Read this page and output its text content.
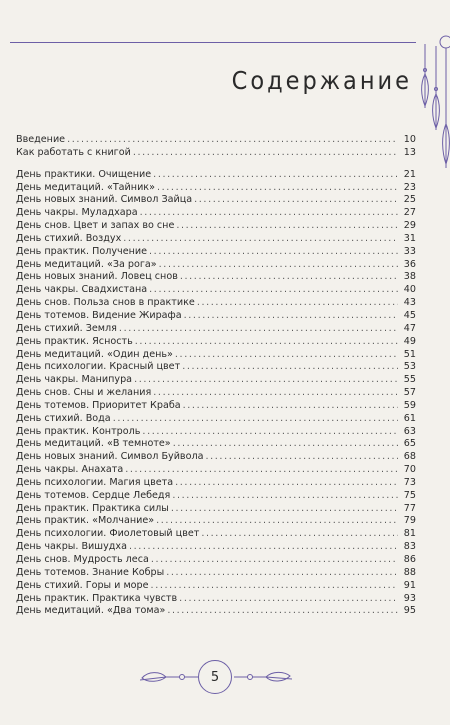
Содержание
Введение .....	10
Как работать с книгой .....	13
День практики. Очищение .....	21
День медитаций. «Тайник» .....	23
День новых знаний. Символ Зайца .....	25
День чакры. Муладхара .....	27
День снов. Цвет и запах во сне .....	29
День стихий. Воздух .....	31
День практик. Получение .....	33
День медитаций. «За рога» .....	36
День новых знаний. Ловец снов .....	38
День чакры. Свадхистана .....	40
День снов. Польза снов в практике .....	43
День тотемов. Видение Жирафа .....	45
День стихий. Земля .....	47
День практик. Ясность .....	49
День медитаций. «Один день» .....	51
День психологии. Красный цвет .....	53
День чакры. Манипура .....	55
День снов. Сны и желания .....	57
День тотемов. Приоритет Краба .....	59
День стихий. Вода .....	61
День практик. Контроль .....	63
День медитаций. «В темноте» .....	65
День новых знаний. Символ Буйвола .....	68
День чакры. Анахата .....	70
День психологии. Магия цвета .....	73
День тотемов. Сердце Лебедя .....	75
День практик. Практика силы .....	77
День практик. «Молчание» .....	79
День психологии. Фиолетовый цвет .....	81
День чакры. Вишудха .....	83
День снов. Мудрость леса .....	86
День тотемов. Знание Кобры .....	88
День стихий. Горы и море .....	91
День практик. Практика чувств .....	93
День медитаций. «Два тома» .....	95
5
